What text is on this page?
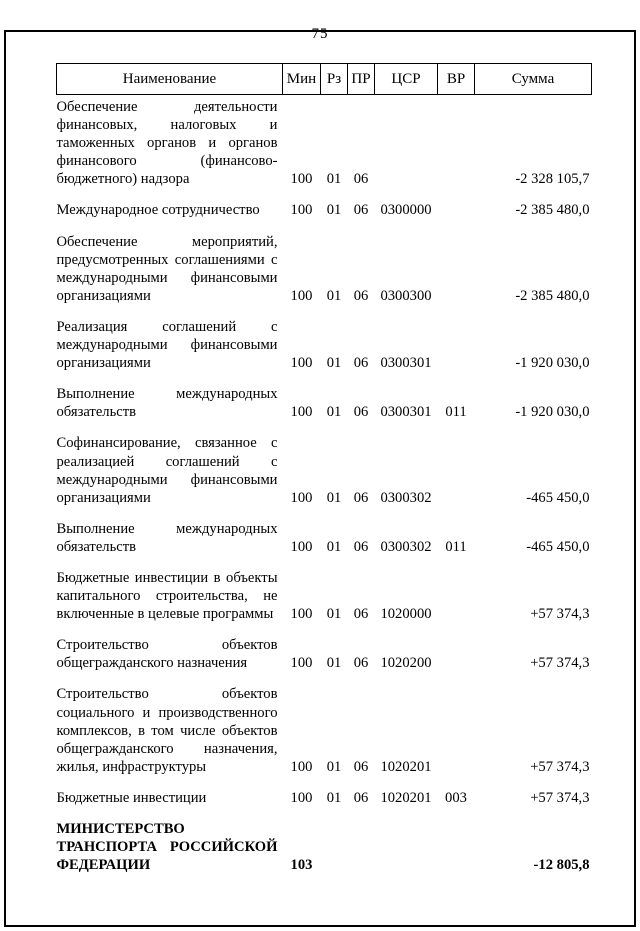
75
Наименование	Мин	Рз	ПР	ЦСР	ВР	Сумма
Обеспечение деятельности финансовых, налоговых и таможенных органов и органов финансового (финансово-бюджетного) надзора	100	01	06			-2 328 105,7
Международное сотрудничество	100	01	06	0300000		-2 385 480,0
Обеспечение мероприятий, предусмотренных соглашениями с международными финансовыми организациями	100	01	06	0300300		-2 385 480,0
Реализация соглашений с международными финансовыми организациями	100	01	06	0300301		-1 920 030,0
Выполнение международных обязательств	100	01	06	0300301	011	-1 920 030,0
Софинансирование, связанное с реализацией соглашений с международными финансовыми организациями	100	01	06	0300302		-465 450,0
Выполнение международных обязательств	100	01	06	0300302	011	-465 450,0
Бюджетные инвестиции в объекты капитального строительства, не включенные в целевые программы	100	01	06	1020000		+57 374,3
Строительство объектов общегражданского назначения	100	01	06	1020200		+57 374,3
Строительство объектов социального и производственного комплексов, в том числе объектов общегражданского назначения, жилья, инфраструктуры	100	01	06	1020201		+57 374,3
Бюджетные инвестиции	100	01	06	1020201	003	+57 374,3
МИНИСТЕРСТВО ТРАНСПОРТА РОССИЙСКОЙ ФЕДЕРАЦИИ	103					-12 805,8
